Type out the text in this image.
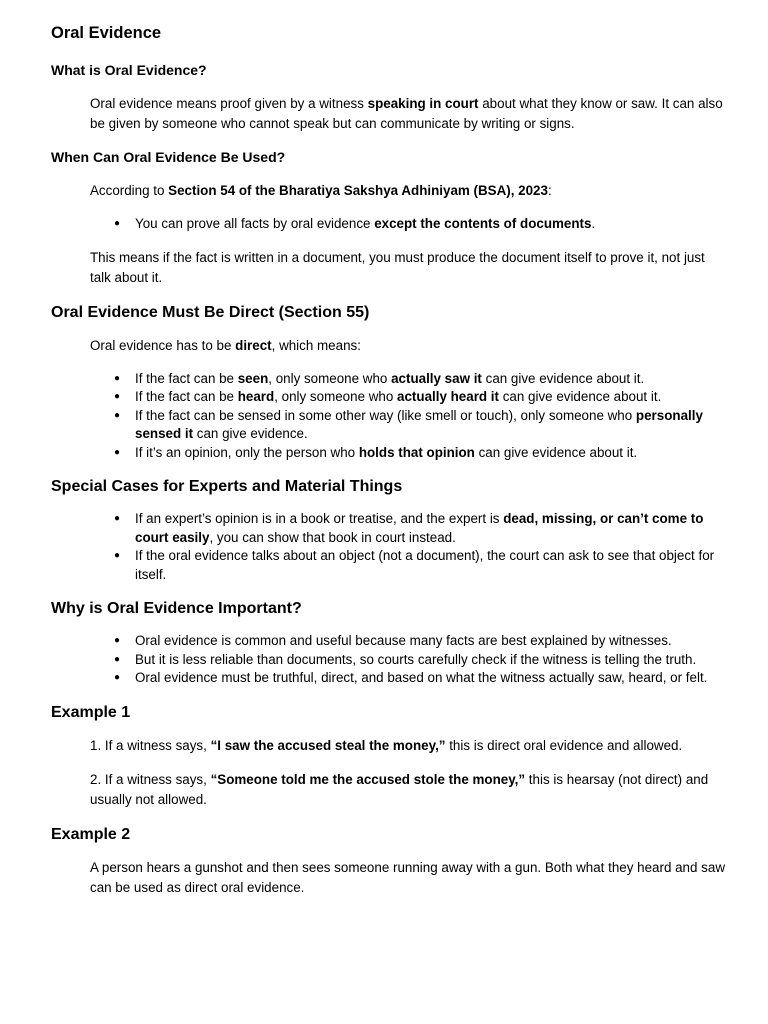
Oral Evidence
What is Oral Evidence?

Oral evidence means proof given by a witness speaking in court about what they know or saw. It can also be given by someone who cannot speak but can communicate by writing or signs.

When Can Oral Evidence Be Used?

According to Section 54 of the Bharatiya Sakshya Adhiniyam (BSA), 2023:

● You can prove all facts by oral evidence except the contents of documents.

This means if the fact is written in a document, you must produce the document itself to prove it, not just talk about it.

Oral Evidence Must Be Direct (Section 55)

Oral evidence has to be direct, which means:

● If the fact can be seen, only someone who actually saw it can give evidence about it.
● If the fact can be heard, only someone who actually heard it can give evidence about it.
● If the fact can be sensed in some other way (like smell or touch), only someone who personally sensed it can give evidence.
● If it’s an opinion, only the person who holds that opinion can give evidence about it.
Special Cases for Experts and Material Things
● If an expert’s opinion is in a book or treatise, and the expert is dead, missing, or can’t come to court easily, you can show that book in court instead.
● If the oral evidence talks about an object (not a document), the court can ask to see that object for itself.
Why is Oral Evidence Important?
● Oral evidence is common and useful because many facts are best explained by witnesses.
● But it is less reliable than documents, so courts carefully check if the witness is telling the truth.
● Oral evidence must be truthful, direct, and based on what the witness actually saw, heard, or felt.
Example 1

1. If a witness says, “I saw the accused steal the money,” this is direct oral evidence and allowed.

2. If a witness says, “Someone told me the accused stole the money,” this is hearsay (not direct) and usually not allowed.

Example 2

A person hears a gunshot and then sees someone running away with a gun. Both what they heard and saw can be used as direct oral evidence.
